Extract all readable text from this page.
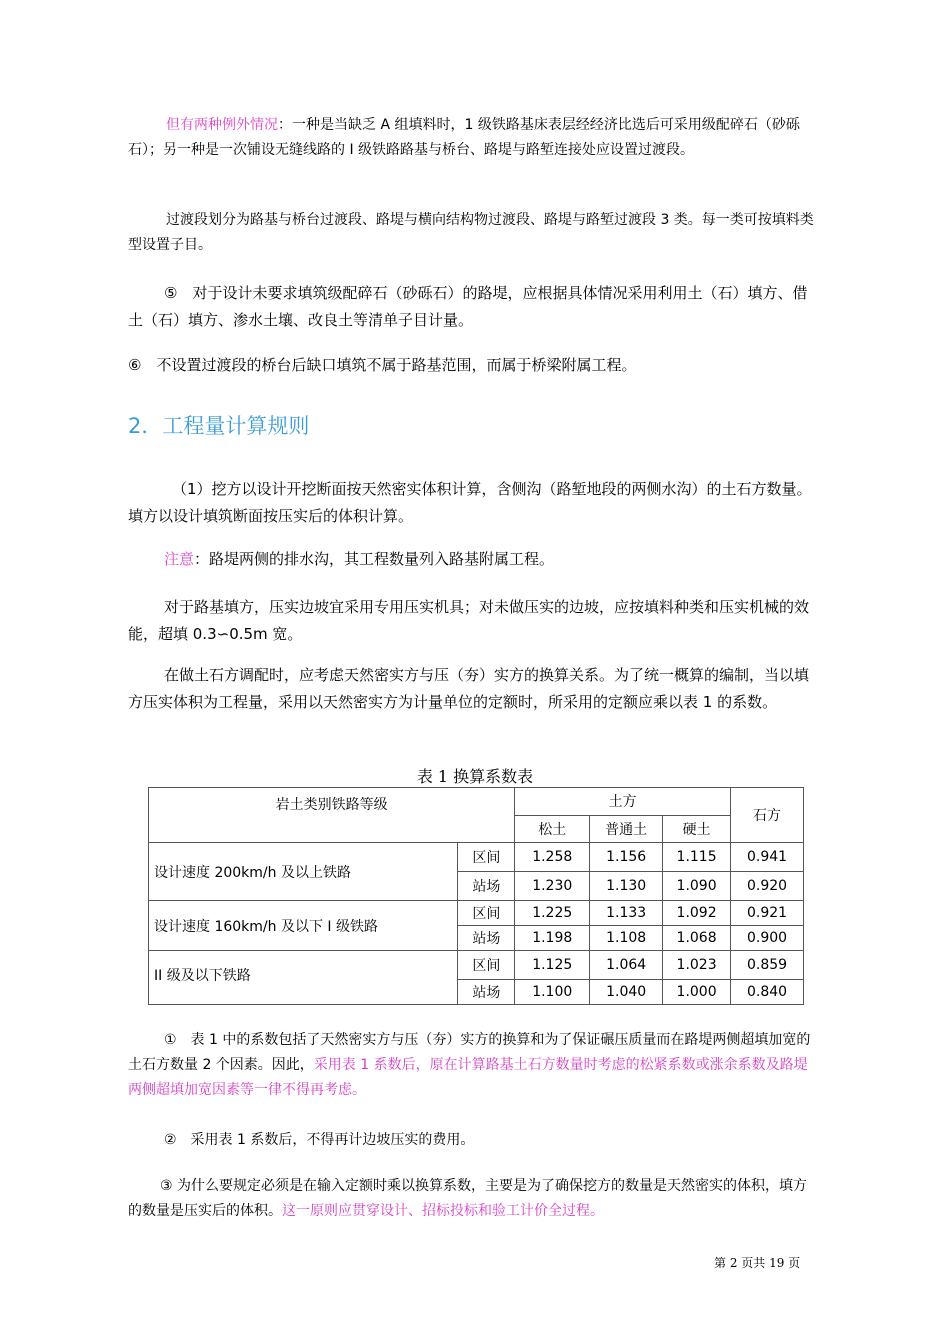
但有两种例外情况：一种是当缺乏 A 组填料时，1 级铁路基床表层经经济比选后可采用级配碎石（砂砾石）；另一种是一次铺设无缝线路的 I 级铁路路基与桥台、路堤与路堑连接处应设置过渡段。
过渡段划分为路基与桥台过渡段、路堤与横向结构物过渡段、路堤与路堑过渡段 3 类。每一类可按填料类型设置子目。
⑤　对于设计未要求填筑级配碎石（砂砾石）的路堤，应根据具体情况采用利用土（石）填方、借土（石）填方、渗水土壤、改良土等清单子目计量。
⑥　不设置过渡段的桥台后缺口填筑不属于路基范围，而属于桥梁附属工程。
2．工程量计算规则
（1）挖方以设计开挖断面按天然密实体积计算，含侧沟（路堑地段的两侧水沟）的土石方数量。填方以设计填筑断面按压实后的体积计算。
注意：路堤两侧的排水沟，其工程数量列入路基附属工程。
对于路基填方，压实边坡宜采用专用压实机具；对未做压实的边坡，应按填料种类和压实机械的效能，超填 0.3∽0.5m 宽。
在做土石方调配时，应考虑天然密实方与压（夯）实方的换算关系。为了统一概算的编制，当以填方压实体积为工程量，采用以天然密实方为计量单位的定额时，所采用的定额应乘以表 1 的系数。
表 1 换算系数表
岩土类别铁路等级		土方			石方
		松土	普通土	硬土	
设计速度 200km/h 及以上铁路	区间	1.258	1.156	1.115	0.941
	站场	1.230	1.130	1.090	0.920
设计速度 160km/h 及以下 I 级铁路	区间	1.225	1.133	1.092	0.921
	站场	1.198	1.108	1.068	0.900
II 级及以下铁路	区间	1.125	1.064	1.023	0.859
	站场	1.100	1.040	1.000	0.840
①　表 1 中的系数包括了天然密实方与压（夯）实方的换算和为了保证碾压质量而在路堤两侧超填加宽的土石方数量 2 个因素。因此，采用表 1 系数后，原在计算路基土石方数量时考虑的松紧系数或涨余系数及路堤两侧超填加宽因素等一律不得再考虑。
②　采用表 1 系数后，不得再计边坡压实的费用。
③ 为什么要规定必须是在输入定额时乘以换算系数，主要是为了确保挖方的数量是天然密实的体积，填方的数量是压实后的体积。这一原则应贯穿设计、招标投标和验工计价全过程。
第 2 页共 19 页
